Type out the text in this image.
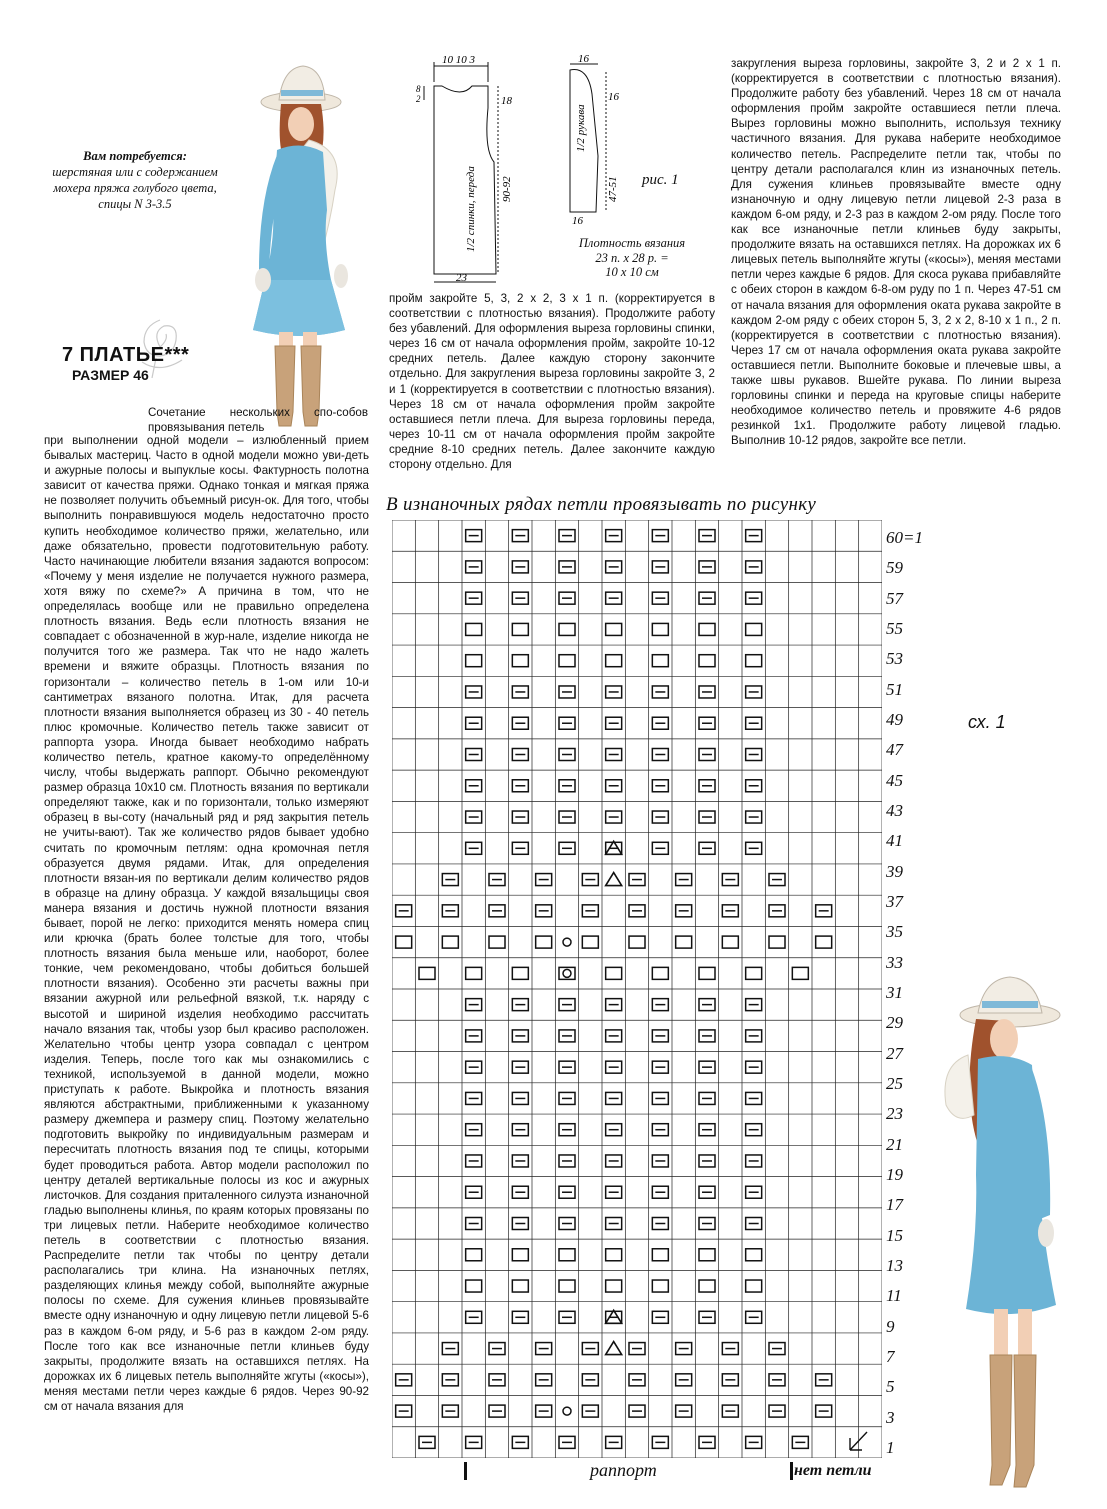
Вам потребуется:
шерстяная или с содержанием мохера пряжа голубого цвета, спицы N 3-3.5
7 ПЛАТЬЕ***
РАЗМЕР 46
Сочетание нескольких спо-собов провязывания петель
при выполнении одной модели – излюбленный прием бывалых мастериц. Часто в одной модели можно уви-деть и ажурные полосы и выпуклые косы. Фактурность полотна зависит от качества пряжи. Однако тонкая и мягкая пряжа не позволяет получить объемный рисун-ок. Для того, чтобы выполнить понравившуюся модель недостаточно просто купить необходимое количество пряжи, желательно, или даже обязательно, провести подготовительную работу. Часто начинающие любители вязания задаются вопросом: «Почему у меня изделие не получается нужного размера, хотя вяжу по схеме?» А причина в том, что не определялась вообще или не правильно определена плотность вязания. Ведь если плотность вязания не совпадает с обозначенной в жур-нале, изделие никогда не получится того же размера. Так что не надо жалеть времени и вяжите образцы. Плотность вязания по горизонтали – количество петель в 1-ом или 10-и сантиметрах вязаного полотна. Итак, для расчета плотности вязания выполняется образец из 30 - 40 петель плюс кромочные. Количество петель также зависит от раппорта узора. Иногда бывает необходимо набрать количество петель, кратное какому-то определённому числу, чтобы выдержать раппорт. Обычно рекомендуют размер образца 10х10 см. Плотность вязания по вертикали определяют также, как и по горизонтали, только измеряют образец в вы-соту (начальный ряд и ряд закрытия петель не учиты-вают). Так же количество рядов бывает удобно считать по кромочным петлям: одна кромочная петля образуется двумя рядами. Итак, для определения плотности вязан-ия по вертикали делим количество рядов в образце на длину образца. У каждой вязальщицы своя манера вязания и достичь нужной плотности вязания бывает, порой не легко: приходится менять номера спиц или крючка (брать более толстые для того, чтобы плотность вязания была меньше или, наоборот, более тонкие, чем рекомендовано, чтобы добиться большей плотности вязания). Особенно эти расчеты важны при вязании ажурной или рельефной вязкой, т.к. наряду с высотой и шириной изделия необходимо рассчитать начало вязания так, чтобы узор был красиво расположен. Желательно чтобы центр узора совпадал с центром изделия. Теперь, после того как мы ознакомились с техникой, используемой в данной модели, можно приступать к работе. Выкройка и плотность вязания являются абстрактными, приближенными к указанному размеру джемпера и размеру спиц. Поэтому желательно подготовить выкройку по индивидуальным размерам и пересчитать плотность вязания под те спицы, которыми будет проводиться работа. Автор модели расположил по центру деталей вертикальные полосы из кос и ажурных листочков. Для создания приталенного силуэта изнаночной гладью выполнены клинья, по краям которых провязаны по три лицевых петли. Наберите необходимое количество петель в соответствии с плотностью вязания. Распределите петли так чтобы по центру детали располагались три клина. На изнаночных петлях, разделяющих клинья между собой, выполняйте ажурные полосы по схеме. Для сужения клиньев провязывайте вместе одну изнаночную и одну лицевую петли лицевой 5-6 раз в каждом 6-ом ряду, и 5-6 раз в каждом 2-ом ряду. После того как все изнаночные петли клиньев буду закрыты, продолжите вязать на оставшихся петлях. На дорожках их 6 лицевых петель выполняйте жгуты («косы»), меняя местами петли через каждые 6 рядов. Через 90-92 см от начала вязания для
10 10 3
8
2	18
90-92
23
1/2 спинки, переда
16
16
47-51
16
1/2 рукава
рис. 1
Плотность вязания
23 п. х 28 р. =
10 х 10 см
пройм закройте 5, 3, 2 х 2, 3 х 1 п. (корректируется в соответствии с плотностью вязания). Продолжите работу без убавлений. Для оформления выреза горловины спинки, через 16 см от начала оформления пройм, закройте 10-12 средних петель. Далее каждую сторону закончите отдельно. Для закругления выреза горловины закройте 3, 2 и 1 (корректируется в соответствии с плотностью вязания). Через 18 см от начала оформления пройм закройте оставшиеся петли плеча. Для выреза горловины переда, через 10-11 см от начала оформления пройм закройте средние 8-10 средних петель. Далее закончите каждую сторону отдельно. Для
закругления выреза горловины, закройте 3, 2 и 2 х 1 п. (корректируется в соответствии с плотностью вязания). Продолжите работу без убавлений. Через 18 см от начала оформления пройм закройте оставшиеся петли плеча. Вырез горловины можно выполнить, используя технику частичного вязания. Для рукава наберите необходимое количество петель. Распределите петли так, чтобы по центру детали располагался клин из изнаночных петель. Для сужения клиньев провязывайте вместе одну изнаночную и одну лицевую петли лицевой 2-3 раза в каждом 6-ом ряду, и 2-3 раз в каждом 2-ом ряду. После того как все изнаночные петли клиньев буду закрыты, продолжите вязать на оставшихся петлях. На дорожках их 6 лицевых петель выполняйте жгуты («косы»), меняя местами петли через каждые 6 рядов. Для скоса рукава прибавляйте с обеих сторон в каждом 6-8-ом руду по 1 п. Через 47-51 см от начала вязания для оформления оката рукава закройте в каждом 2-ом ряду с обеих сторон 5, 3, 2 х 2, 8-10 х 1 п., 2 п. (корректируется в соответствии с плотностью вязания). Через 17 см от начала оформления оката рукава закройте оставшиеся петли. Выполните боковые и плечевые швы, а также швы рукавов. Вшейте рукава. По линии выреза горловины спинки и переда на круговые спицы наберите необходимое количество петель и провяжите 4-6 рядов резинкой 1х1. Продолжите работу лицевой гладью. Выполнив 10-12 рядов, закройте все петли.
В изнаночных рядах петли провязывать по рисунку
60=1
59
57
55
53
51
49
47
45
43
41
39
37
35
33
31
29
27
25
23
21
19
17
15
13
11
9
7
5
3
1
сх. 1
раппорт	нет петли
